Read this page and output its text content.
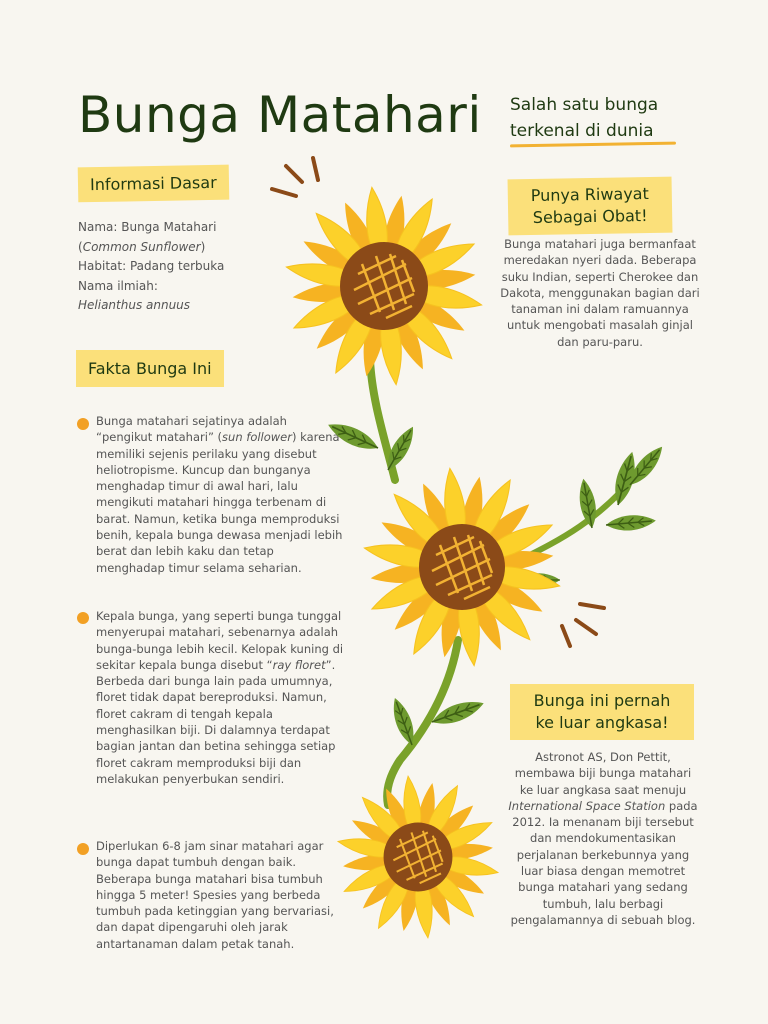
Bunga Matahari Salah satu bunga
terkenal di dunia
Informasi Dasar
Nama: Bunga Matahari
(Common Sunflower)
Habitat: Padang terbuka
Nama ilmiah:
Helianthus annuus
Fakta Bunga Ini
Bunga matahari sejatinya adalah “pengikut matahari” (sun follower) karena memiliki sejenis perilaku yang disebut heliotropisme. Kuncup dan bunganya menghadap timur di awal hari, lalu mengikuti matahari hingga terbenam di barat. Namun, ketika bunga memproduksi benih, kepala bunga dewasa menjadi lebih berat dan lebih kaku dan tetap menghadap timur selama seharian.
Kepala bunga, yang seperti bunga tunggal menyerupai matahari, sebenarnya adalah bunga-bunga lebih kecil. Kelopak kuning di sekitar kepala bunga disebut “ray floret”. Berbeda dari bunga lain pada umumnya, floret tidak dapat bereproduksi. Namun, floret cakram di tengah kepala menghasilkan biji. Di dalamnya terdapat bagian jantan dan betina sehingga setiap floret cakram memproduksi biji dan melakukan penyerbukan sendiri.
Diperlukan 6-8 jam sinar matahari agar bunga dapat tumbuh dengan baik. Beberapa bunga matahari bisa tumbuh hingga 5 meter! Spesies yang berbeda tumbuh pada ketinggian yang bervariasi, dan dapat dipengaruhi oleh jarak antartanaman dalam petak tanah.
Punya Riwayat
Sebagai Obat!
Bunga matahari juga bermanfaat meredakan nyeri dada. Beberapa suku Indian, seperti Cherokee dan Dakota, menggunakan bagian dari tanaman ini dalam ramuannya untuk mengobati masalah ginjal dan paru-paru.
Bunga ini pernah
ke luar angkasa!
Astronot AS, Don Pettit, membawa biji bunga matahari ke luar angkasa saat menuju International Space Station pada 2012. Ia menanam biji tersebut dan mendokumentasikan perjalanan berkebunnya yang luar biasa dengan memotret bunga matahari yang sedang tumbuh, lalu berbagi pengalamannya di sebuah blog.
